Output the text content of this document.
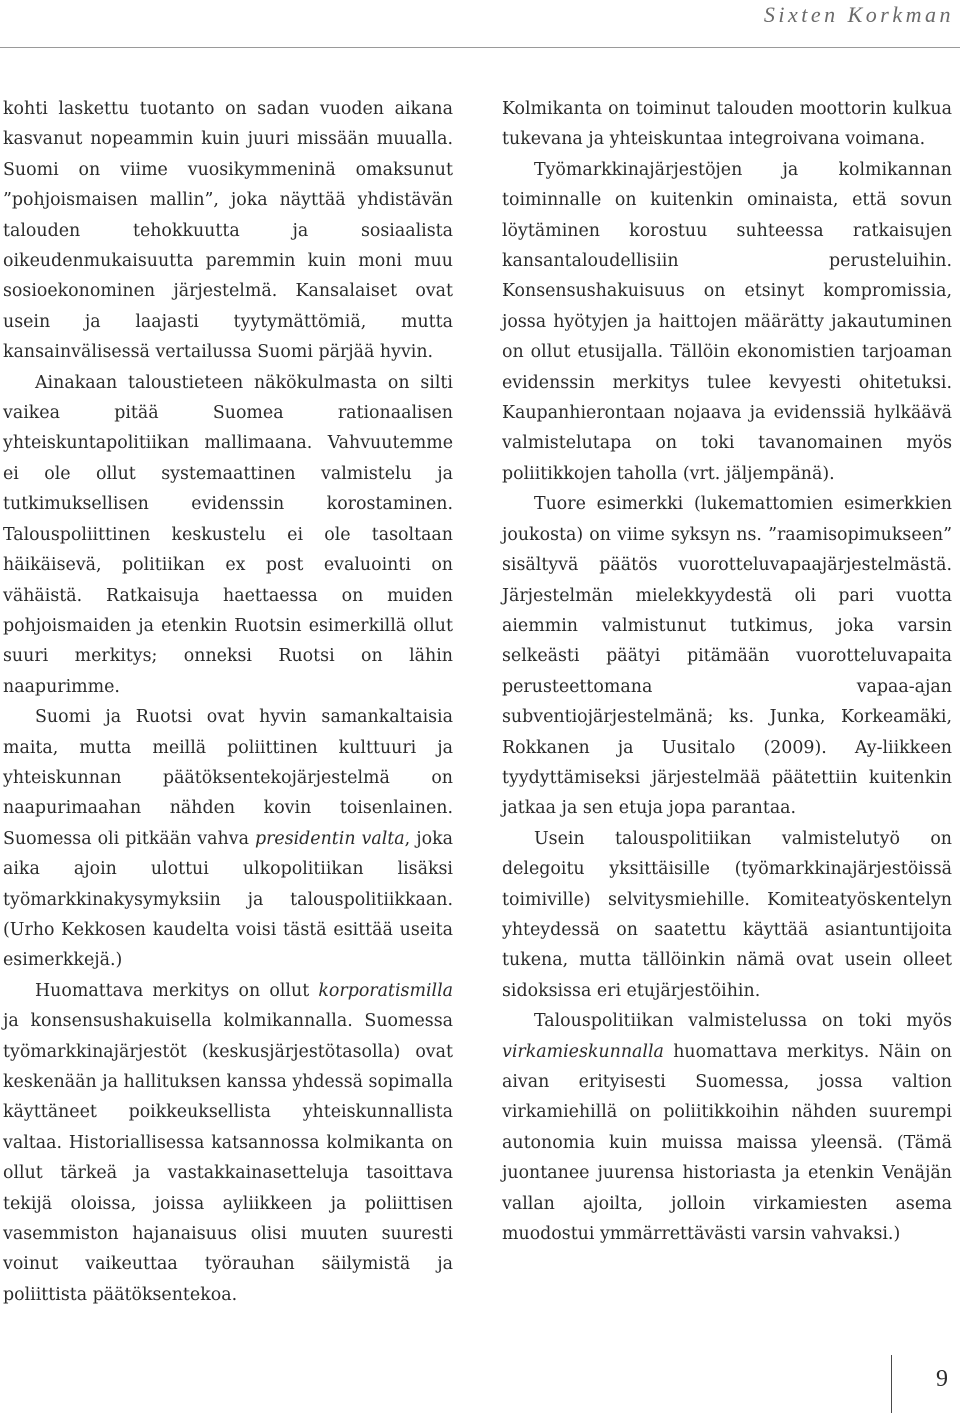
Sixten Korkman

kohti laskettu tuotanto on sadan vuoden aikana kasvanut nopeammin kuin juuri missään muualla. Suomi on viime vuosikymmeninä omaksunut ”pohjoismaisen mallin”, joka näyttää yhdistävän talouden tehokkuutta ja sosiaalista oikeudenmukaisuutta paremmin kuin moni muu sosioekonominen järjestelmä. Kansalaiset ovat usein ja laajasti tyytymättömiä, mutta kansainvälisessä vertailussa Suomi pärjää hyvin.

Ainakaan taloustieteen näkökulmasta on silti vaikea pitää Suomea rationaalisen yhteiskuntapolitiikan mallimaana. Vahvuutemme ei ole ollut systemaattinen valmistelu ja tutkimuksellisen evidenssin korostaminen. Talouspoliittinen keskustelu ei ole tasoltaan häikäisevä, politiikan ex post evaluointi on vähäistä. Ratkaisuja haettaessa on muiden pohjoismaiden ja etenkin Ruotsin esimerkillä ollut suuri merkitys; onneksi Ruotsi on lähin naapurimme.

Suomi ja Ruotsi ovat hyvin samankaltaisia maita, mutta meillä poliittinen kulttuuri ja yhteiskunnan päätöksentekojärjestelmä on naapurimaahan nähden kovin toisenlainen. Suomessa oli pitkään vahva presidentin valta, joka aika ajoin ulottui ulkopolitiikan lisäksi työmarkkinakysymyksiin ja talouspolitiikkaan. (Urho Kekkosen kaudelta voisi tästä esittää useita esimerkkejä.)

Huomattava merkitys on ollut korporatismilla ja konsensushakuisella kolmikannalla. Suomessa työmarkkinajärjestöt (keskusjärjestötasolla) ovat keskenään ja hallituksen kanssa yhdessä sopimalla käyttäneet poikkeuksellista yhteiskunnallista valtaa. Historiallisessa katsannossa kolmikanta on ollut tärkeä ja vastakkainasetteluja tasoittava tekijä oloissa, joissa ayliikkeen ja poliittisen vasemmiston hajanaisuus olisi muuten suuresti voinut vaikeuttaa työrauhan säilymistä ja poliittista päätöksentekoa.

Kolmikanta on toiminut talouden moottorin kulkua tukevana ja yhteiskuntaa integroivana voimana.

Työmarkkinajärjestöjen ja kolmikannan toiminnalle on kuitenkin ominaista, että sovun löytäminen korostuu suhteessa ratkaisujen kansantaloudellisiin perusteluihin. Konsensushakuisuus on etsinyt kompromissia, jossa hyötyjen ja haittojen määrätty jakautuminen on ollut etusijalla. Tällöin ekonomistien tarjoaman evidenssin merkitys tulee kevyesti ohitetuksi. Kaupanhierontaan nojaava ja evidenssiä hylkäävä valmistelutapa on toki tavanomainen myös poliitikkojen taholla (vrt. jäljempänä).

Tuore esimerkki (lukemattomien esimerkkien joukosta) on viime syksyn ns. ”raamisopimukseen” sisältyvä päätös vuorotteluvapaajärjestelmästä. Järjestelmän mielekkyydestä oli pari vuotta aiemmin valmistunut tutkimus, joka varsin selkeästi päätyi pitämään vuorotteluvapaita perusteettomana vapaa-ajan subventiojärjestelmänä; ks. Junka, Korkeamäki, Rokkanen ja Uusitalo (2009). Ay-liikkeen tyydyttämiseksi järjestelmää päätettiin kuitenkin jatkaa ja sen etuja jopa parantaa.

Usein talouspolitiikan valmistelutyö on delegoitu yksittäisille (työmarkkinajärjestöissä toimiville) selvitysmiehille. Komiteatyöskentelyn yhteydessä on saatettu käyttää asiantuntijoita tukena, mutta tällöinkin nämä ovat usein olleet sidoksissa eri etujärjestöihin.

Talouspolitiikan valmistelussa on toki myös virkamieskunnalla huomattava merkitys. Näin on aivan erityisesti Suomessa, jossa valtion virkamiehillä on poliitikkoihin nähden suurempi autonomia kuin muissa maissa yleensä. (Tämä juontanee juurensa historiasta ja etenkin Venäjän vallan ajoilta, jolloin virkamiesten asema muodostui ymmärrettävästi varsin vahvaksi.)

9
